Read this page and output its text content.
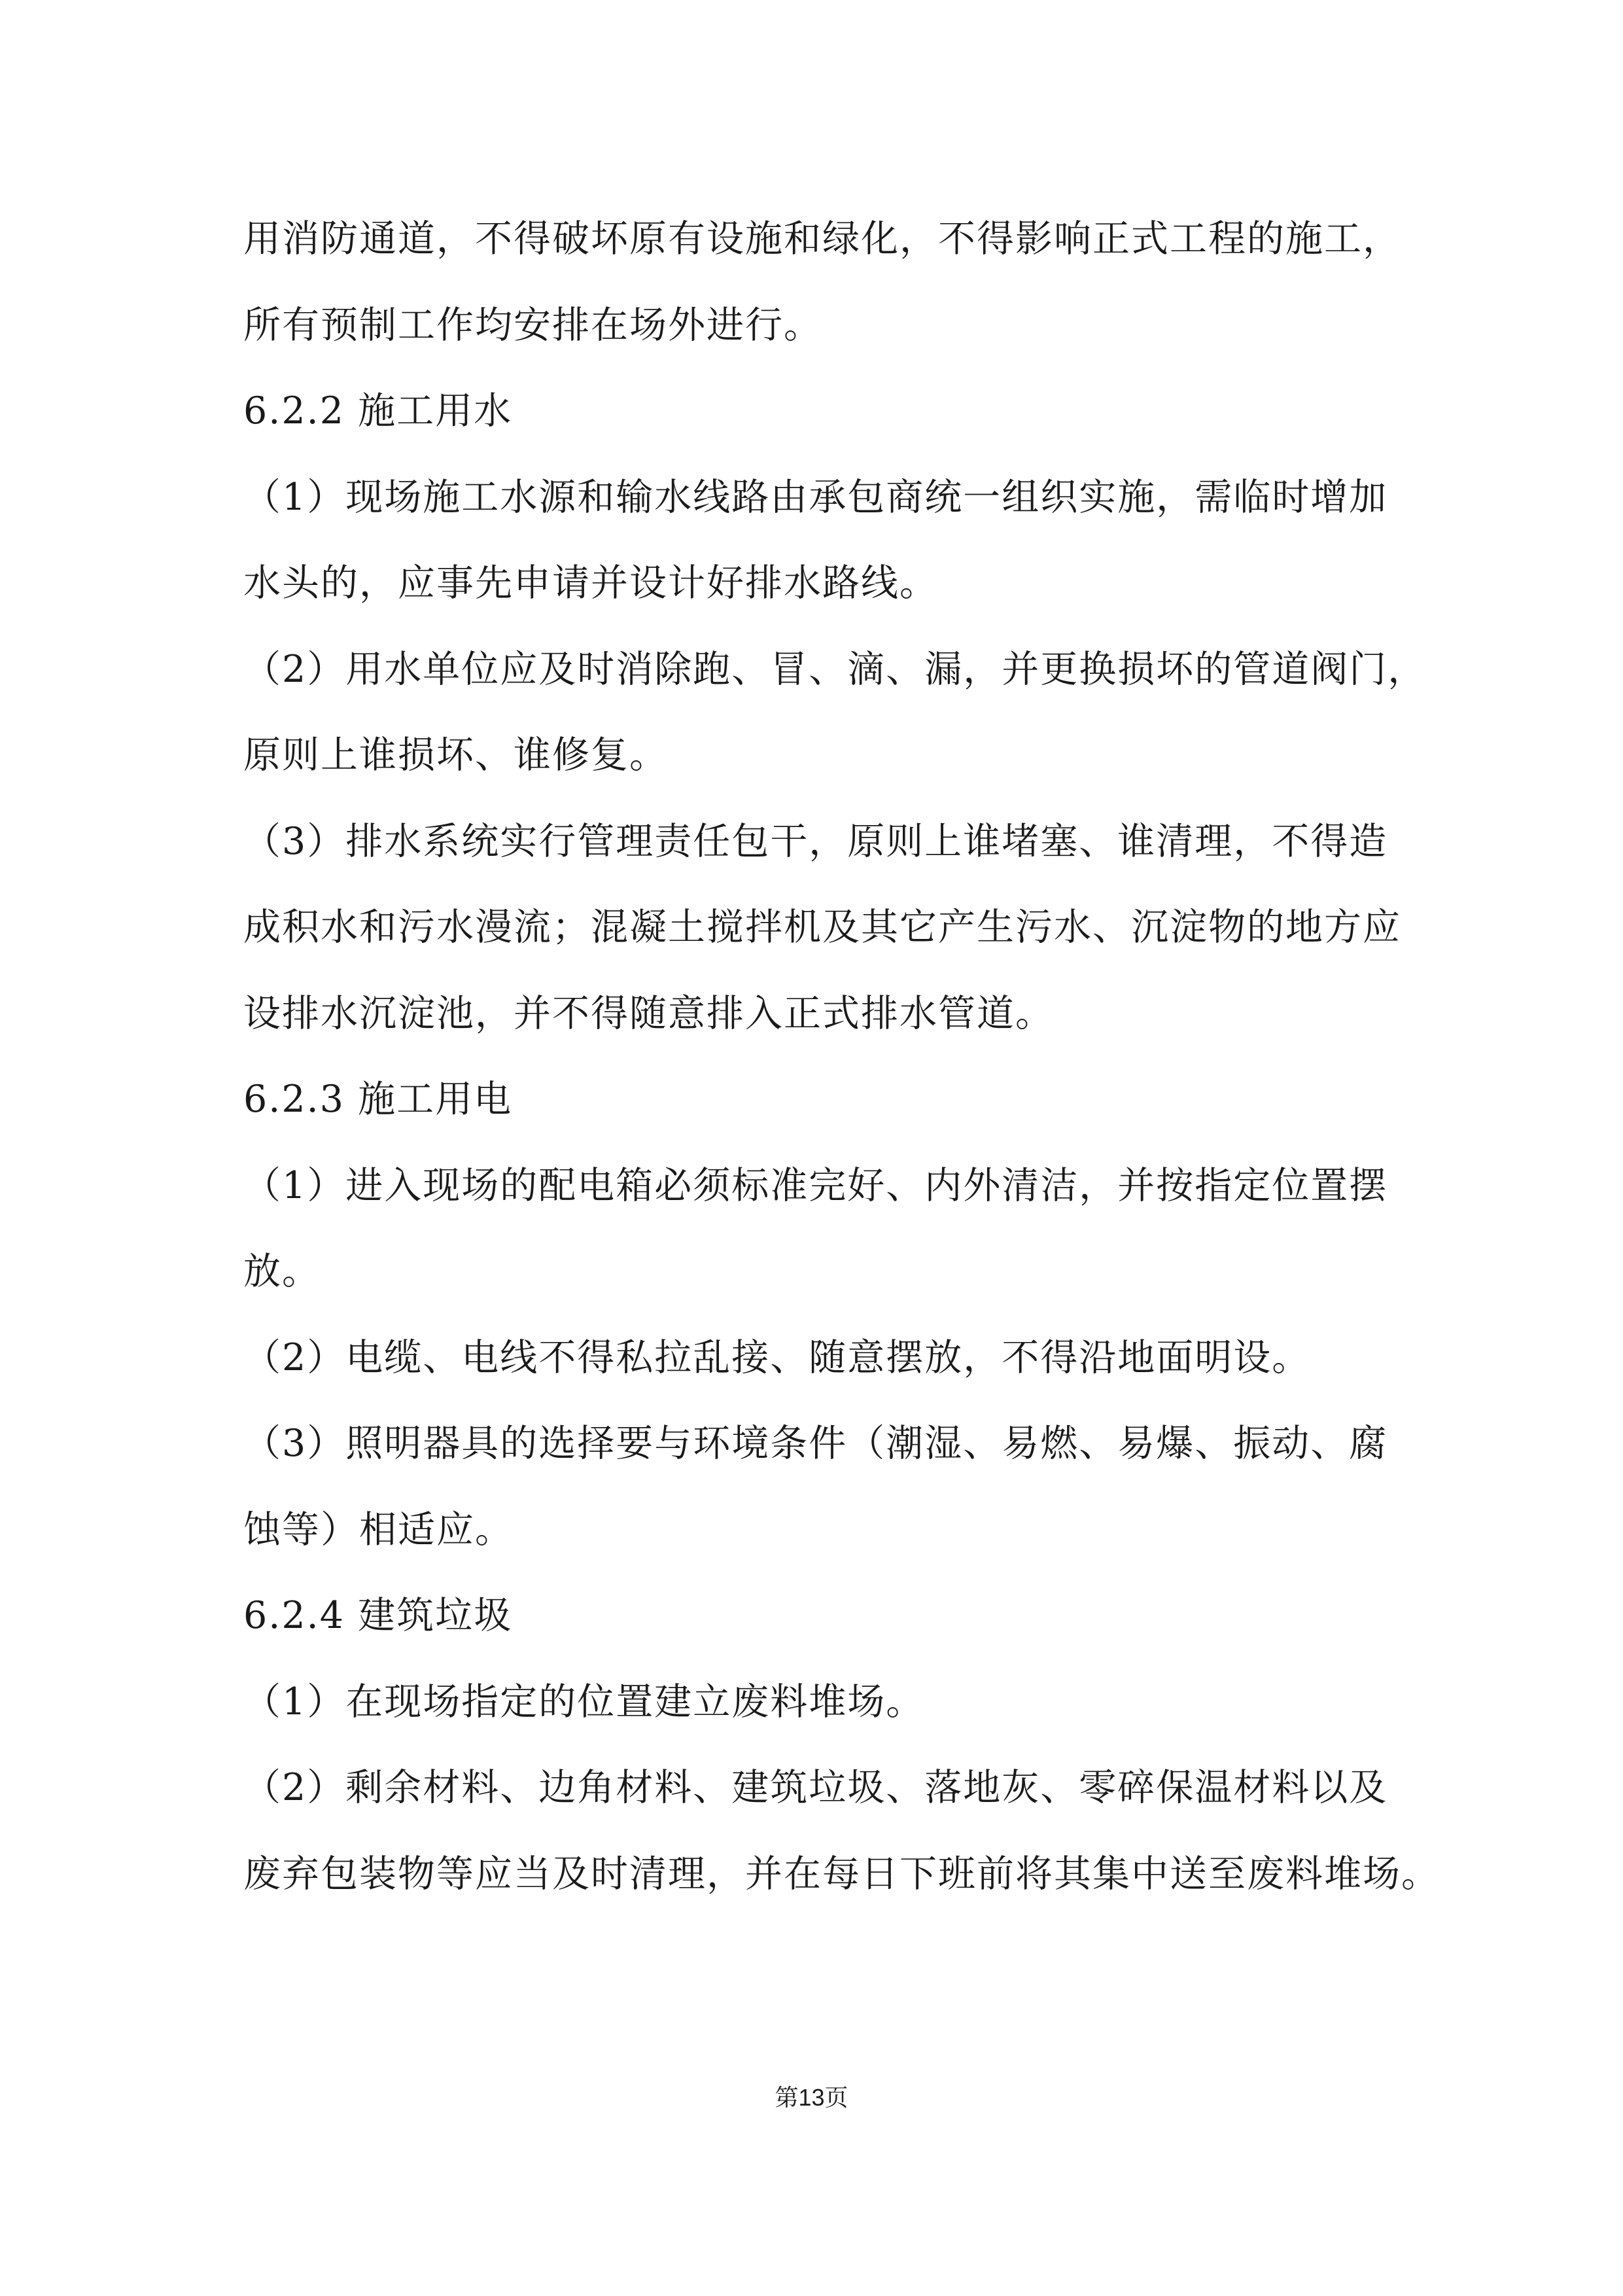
用消防通道，不得破坏原有设施和绿化，不得影响正式工程的施工，
所有预制工作均安排在场外进行。
6.2.2 施工用水
（1）现场施工水源和输水线路由承包商统一组织实施，需临时增加
水头的，应事先申请并设计好排水路线。
（2）用水单位应及时消除跑、冒、滴、漏，并更换损坏的管道阀门，
原则上谁损坏、谁修复。
（3）排水系统实行管理责任包干，原则上谁堵塞、谁清理，不得造
成积水和污水漫流；混凝土搅拌机及其它产生污水、沉淀物的地方应
设排水沉淀池，并不得随意排入正式排水管道。
6.2.3 施工用电
（1）进入现场的配电箱必须标准完好、内外清洁，并按指定位置摆
放。
（2）电缆、电线不得私拉乱接、随意摆放，不得沿地面明设。
（3）照明器具的选择要与环境条件（潮湿、易燃、易爆、振动、腐
蚀等）相适应。
6.2.4 建筑垃圾
（1）在现场指定的位置建立废料堆场。
（2）剩余材料、边角材料、建筑垃圾、落地灰、零碎保温材料以及
废弃包装物等应当及时清理，并在每日下班前将其集中送至废料堆场。
第13页
